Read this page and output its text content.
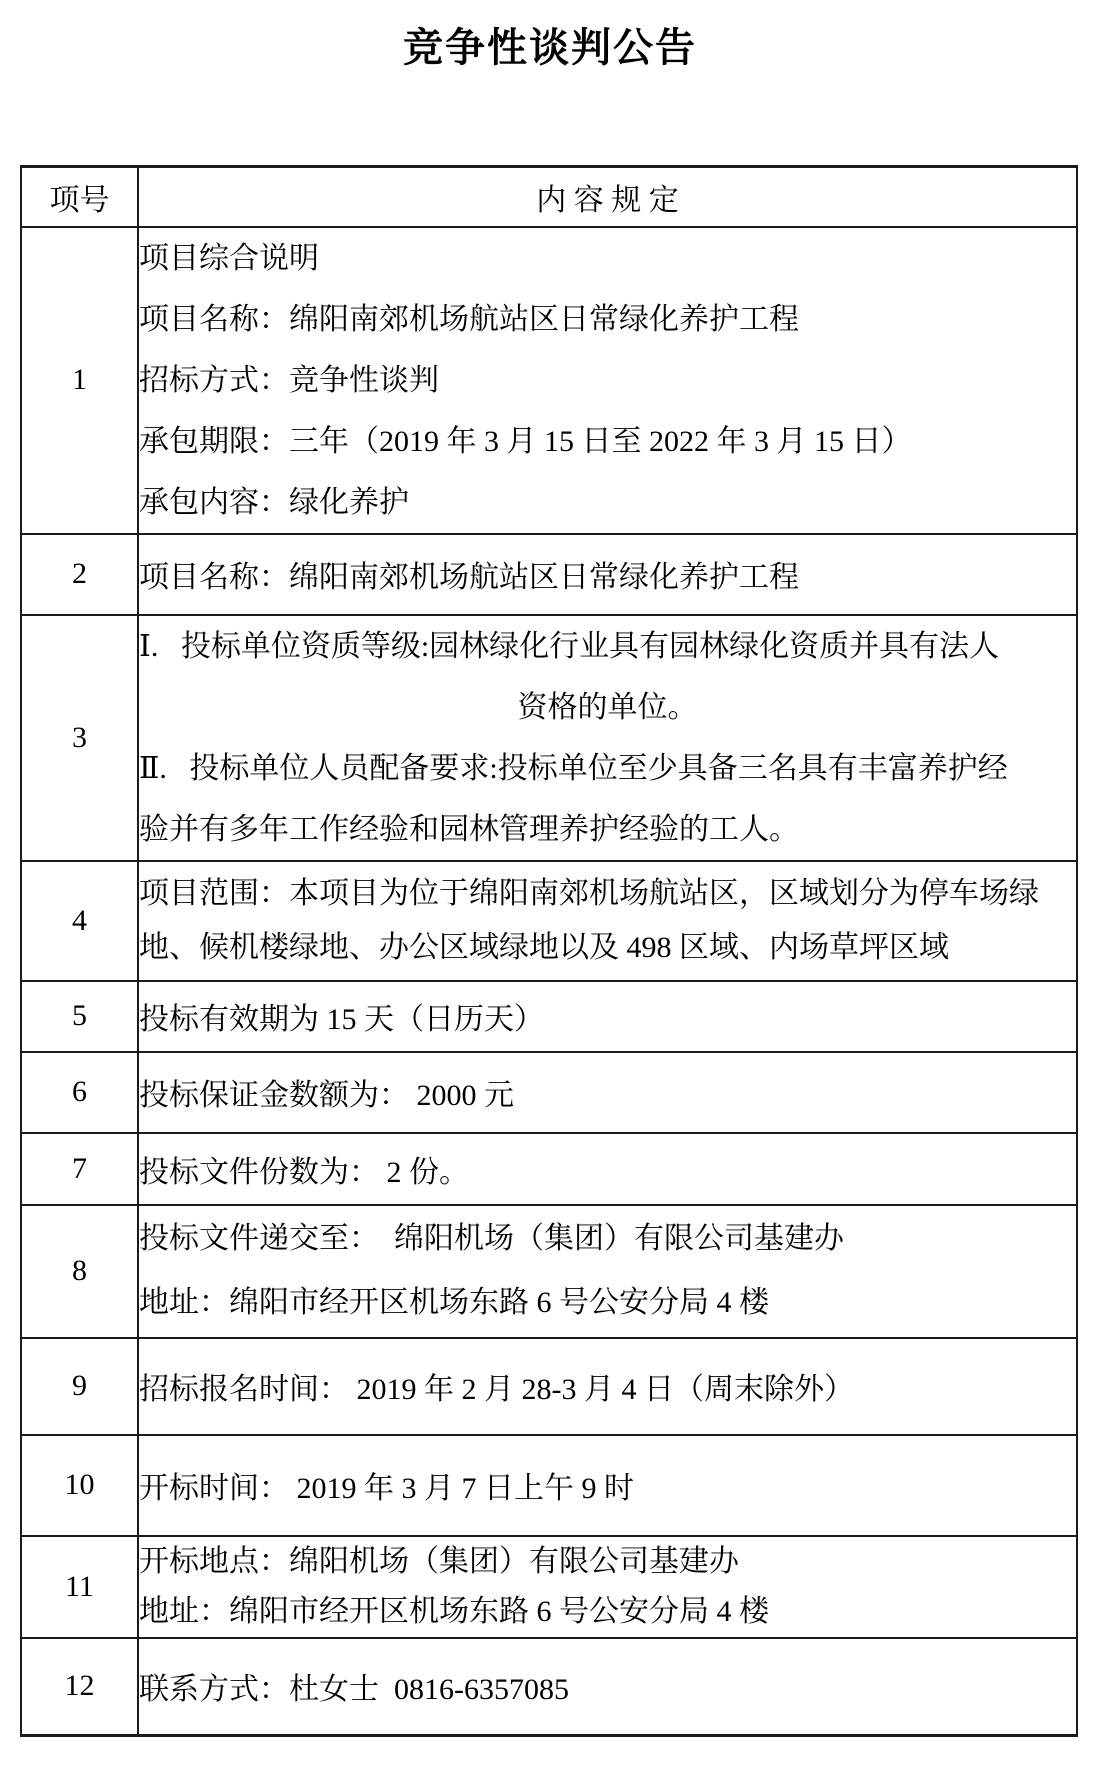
竞争性谈判公告
项号	内 容 规 定
1	项目综合说明
项目名称：绵阳南郊机场航站区日常绿化养护工程
招标方式：竞争性谈判
承包期限：三年（2019 年 3 月 15 日至 2022 年 3 月 15 日）
承包内容：绿化养护

2	项目名称：绵阳南郊机场航站区日常绿化养护工程

3	Ⅰ.   投标单位资质等级:园林绿化行业具有园林绿化资质并具有法人
资格的单位。
Ⅱ.   投标单位人员配备要求:投标单位至少具备三名具有丰富养护经
验并有多年工作经验和园林管理养护经验的工人。

4	项目范围：本项目为位于绵阳南郊机场航站区，区域划分为停车场绿
地、候机楼绿地、办公区域绿地以及 498 区域、内场草坪区域

5	投标有效期为 15 天（日历天）

6	投标保证金数额为： 2000 元

7	投标文件份数为： 2 份。

8	投标文件递交至：  绵阳机场（集团）有限公司基建办
地址：绵阳市经开区机场东路 6 号公安分局 4 楼

9	招标报名时间： 2019 年 2 月 28-3 月 4 日（周末除外）

10	开标时间： 2019 年 3 月 7 日上午 9 时

11	开标地点：绵阳机场（集团）有限公司基建办
地址：绵阳市经开区机场东路 6 号公安分局 4 楼

12	联系方式：杜女士  0816-6357085
